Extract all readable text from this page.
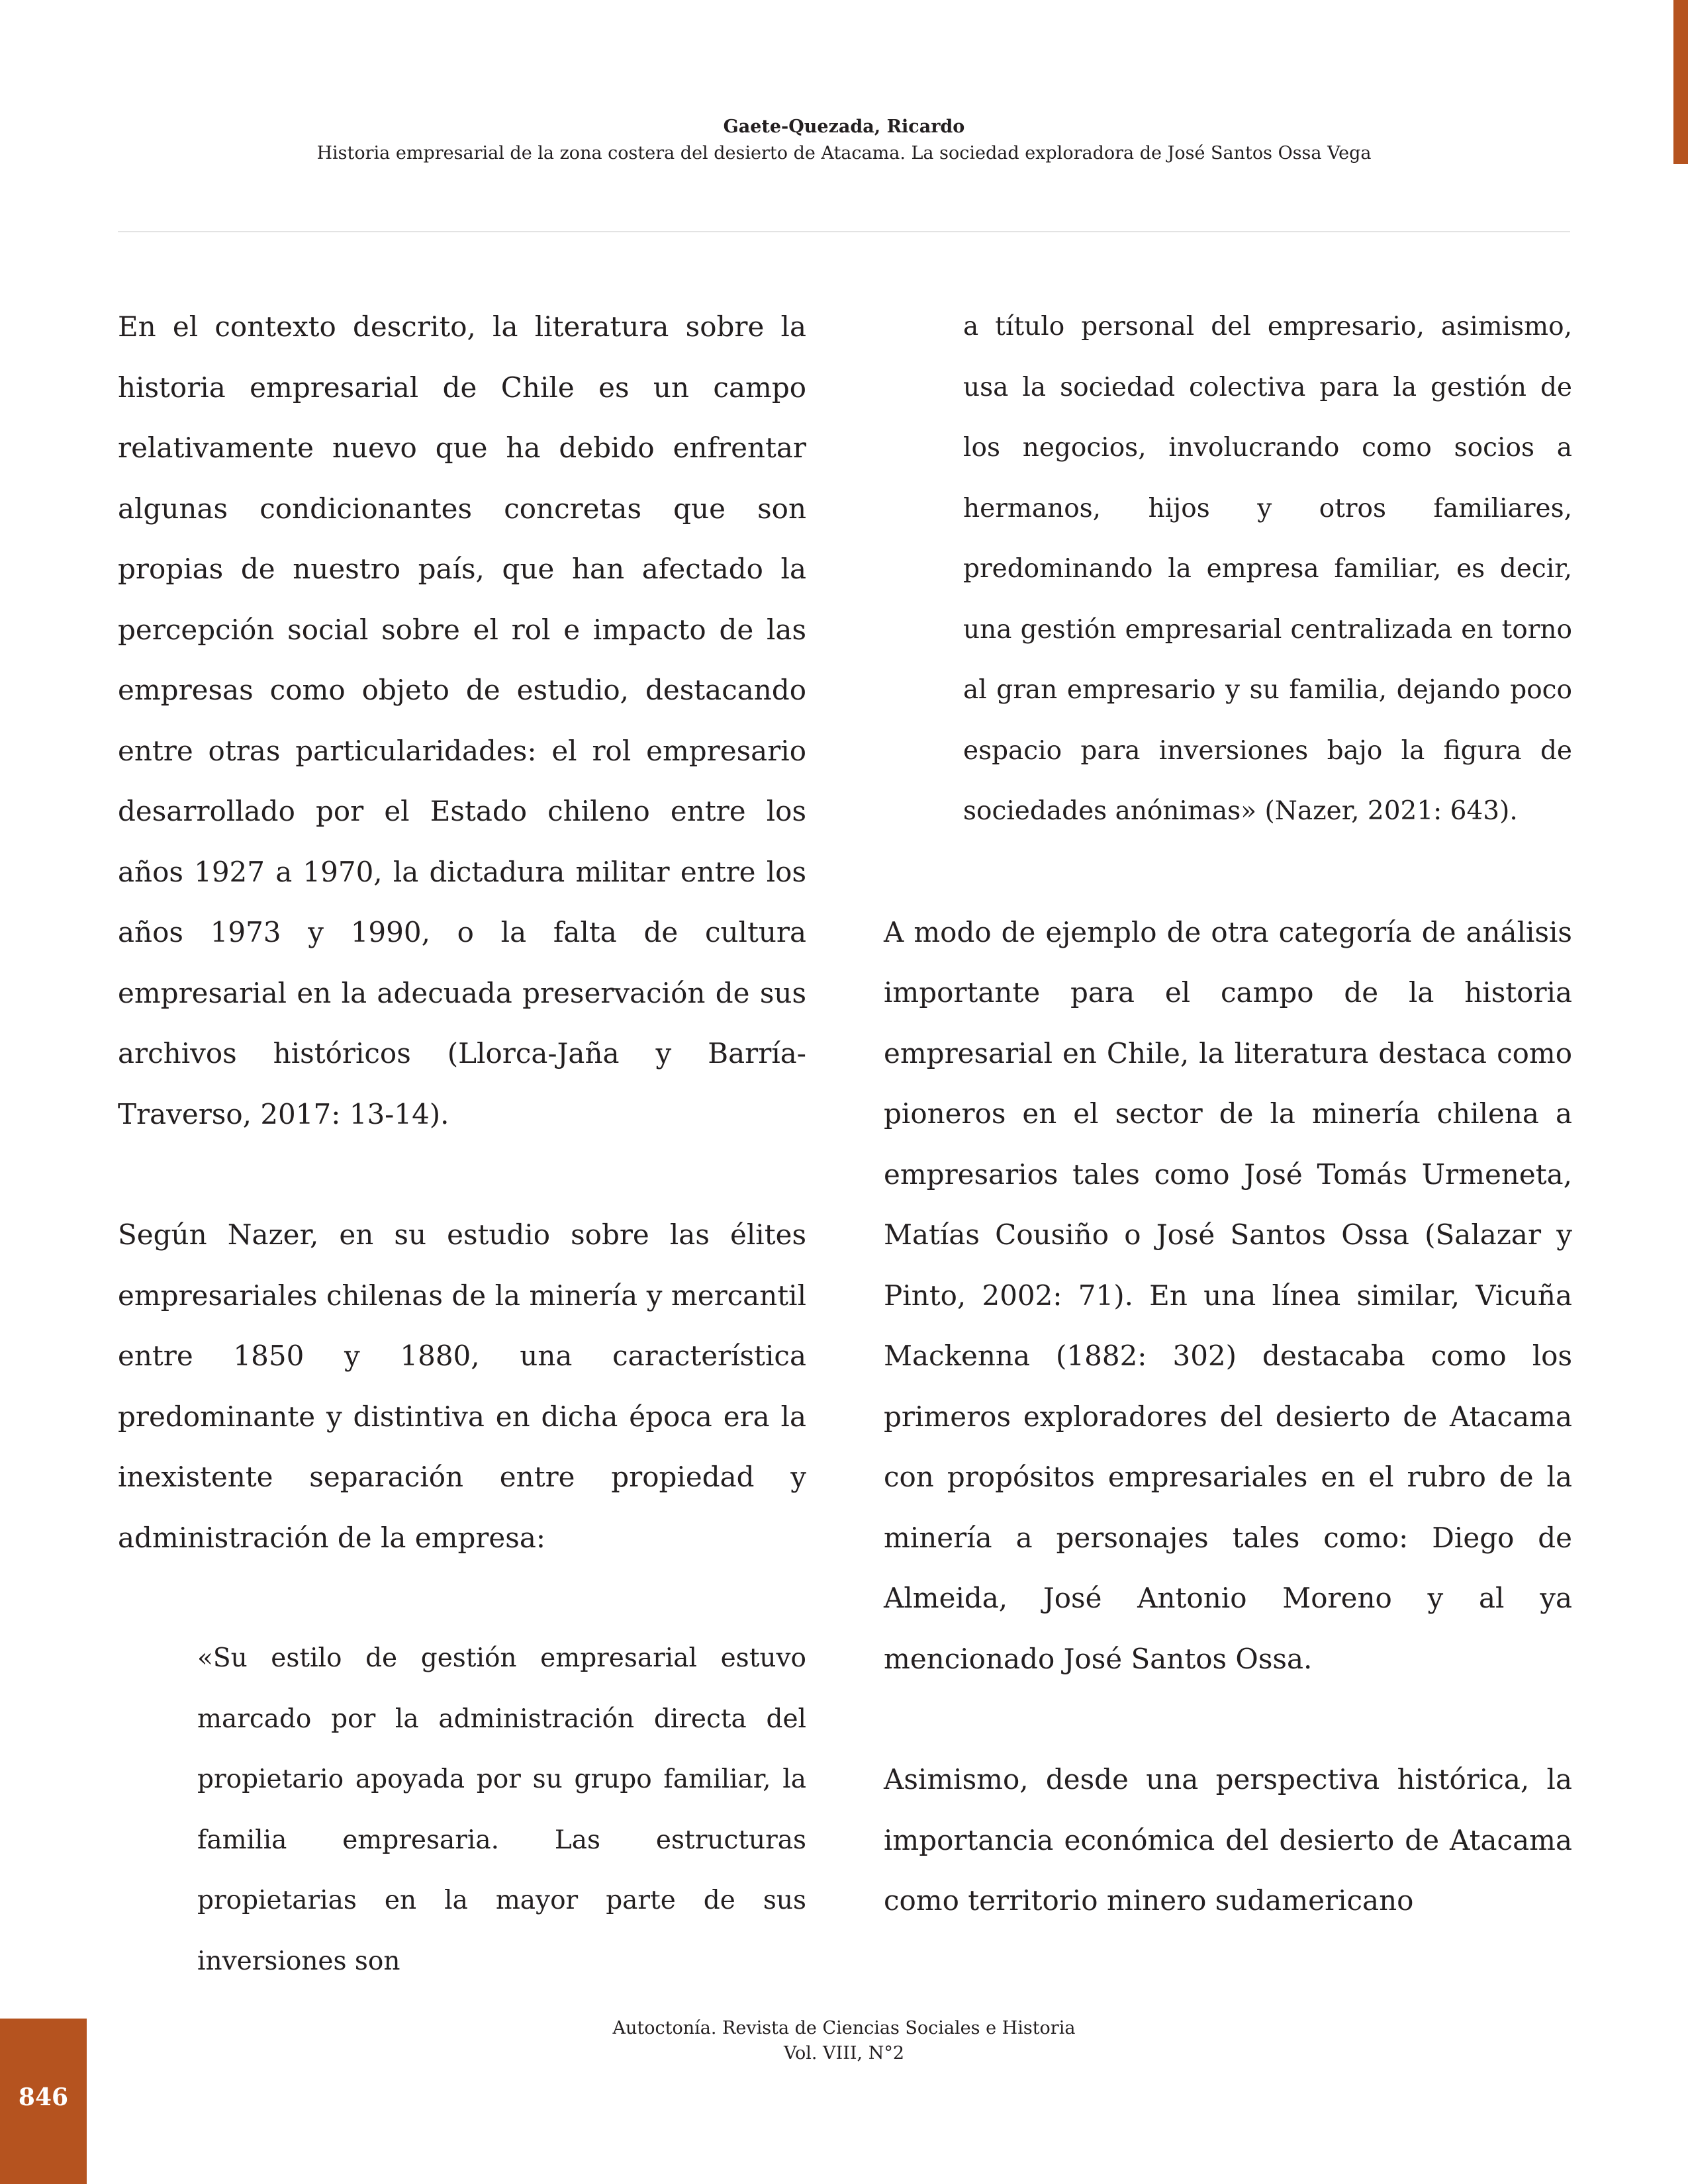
Gaete-Quezada, Ricardo
Historia empresarial de la zona costera del desierto de Atacama. La sociedad exploradora de José Santos Ossa Vega

En el contexto descrito, la literatura sobre la historia empresarial de Chile es un campo relativamente nuevo que ha debido enfrentar algunas condicionantes concretas que son propias de nuestro país, que han afectado la percepción social sobre el rol e impacto de las empresas como objeto de estudio, destacando entre otras particularidades: el rol empresario desarrollado por el Estado chileno entre los años 1927 a 1970, la dictadura militar entre los años 1973 y 1990, o la falta de cultura empresarial en la adecuada preservación de sus archivos históricos (Llorca-Jaña y Barría-Traverso, 2017: 13-14).

Según Nazer, en su estudio sobre las élites empresariales chilenas de la minería y mercantil entre 1850 y 1880, una característica predominante y distintiva en dicha época era la inexistente separación entre propiedad y administración de la empresa:

«Su estilo de gestión empresarial estuvo marcado por la administración directa del propietario apoyada por su grupo familiar, la familia empresaria. Las estructuras propietarias en la mayor parte de sus inversiones son

a título personal del empresario, asimismo, usa la sociedad colectiva para la gestión de los negocios, involucrando como socios a hermanos, hijos y otros familiares, predominando la empresa familiar, es decir, una gestión empresarial centralizada en torno al gran empresario y su familia, dejando poco espacio para inversiones bajo la figura de sociedades anónimas» (Nazer, 2021: 643).

A modo de ejemplo de otra categoría de análisis importante para el campo de la historia empresarial en Chile, la literatura destaca como pioneros en el sector de la minería chilena a empresarios tales como José Tomás Urmeneta, Matías Cousiño o José Santos Ossa (Salazar y Pinto, 2002: 71). En una línea similar, Vicuña Mackenna (1882: 302) destacaba como los primeros exploradores del desierto de Atacama con propósitos empresariales en el rubro de la minería a personajes tales como: Diego de Almeida, José Antonio Moreno y al ya mencionado José Santos Ossa.

Asimismo, desde una perspectiva histórica, la importancia económica del desierto de Atacama como territorio minero sudamericano

Autoctonía. Revista de Ciencias Sociales e Historia
Vol. VIII, N°2
846
